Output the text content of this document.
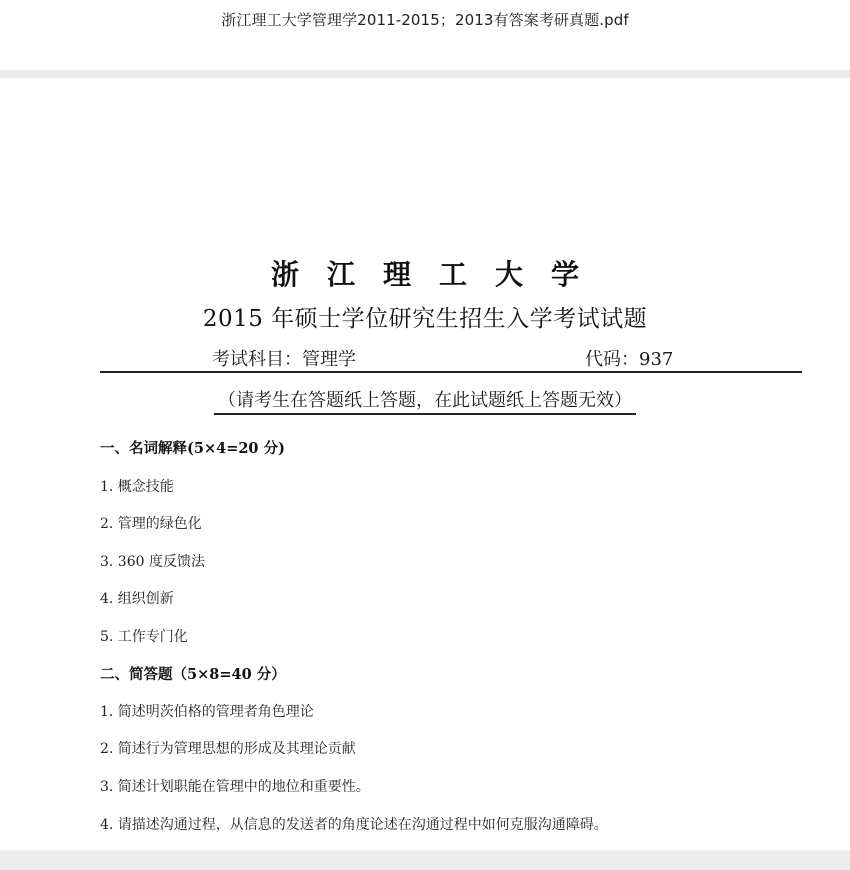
浙江理工大学管理学2011-2015；2013有答案考研真题.pdf
浙江理工大学
2015 年硕士学位研究生招生入学考试试题
考试科目：管理学	代码：937
（请考生在答题纸上答题，在此试题纸上答题无效）
一、名词解释(5×4=20 分)
1. 概念技能
2. 管理的绿色化
3. 360 度反馈法
4. 组织创新
5. 工作专门化
二、简答题（5×8=40 分）
1. 简述明茨伯格的管理者角色理论
2. 简述行为管理思想的形成及其理论贡献
3. 简述计划职能在管理中的地位和重要性。
4. 请描述沟通过程，从信息的发送者的角度论述在沟通过程中如何克服沟通障碍。
